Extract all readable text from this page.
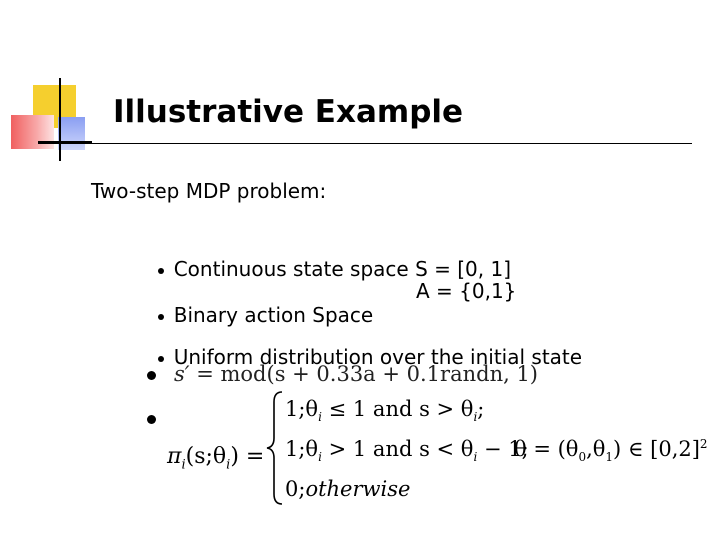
Illustrative Example
Two-step MDP problem:

Continuous state space S = [0, 1]

Binary action Space

A = {0,1}

Uniform distribution over the initial state

s′ = mod(s + 0.33a + 0.1randn, 1)
$\pi_i(s;\theta_i)$ =
$1;\theta_i \le 1$ and $s > \theta_i$;
$1;\theta_i > 1$ and $s < \theta_i - 1$;
$\theta = (\theta_0,\theta_1)$ ∈ $[0,2]^2$
0;otherwise
